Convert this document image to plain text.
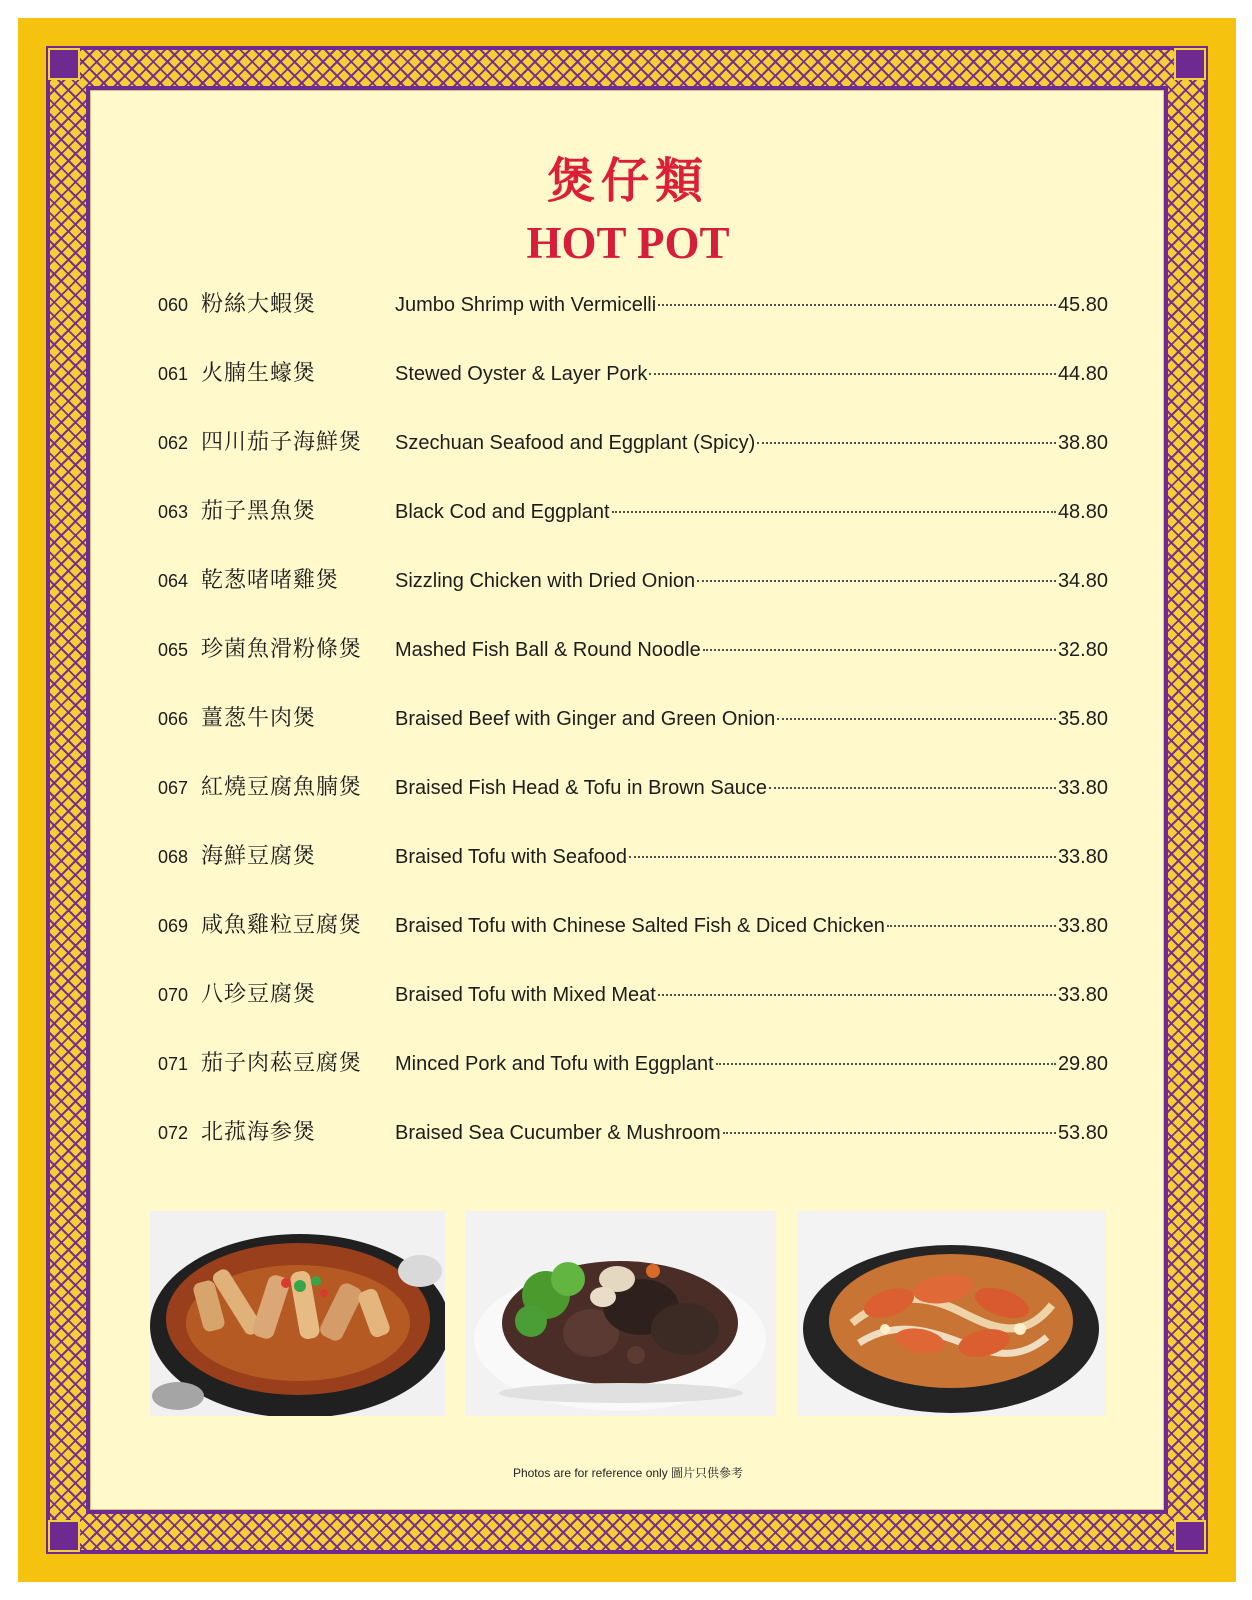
煲仔類
HOT POT
060 粉絲大蝦煲	Jumbo Shrimp with Vermicelli	45.80
061 火腩生蠔煲	Stewed Oyster & Layer Pork	44.80
062 四川茄子海鮮煲	Szechuan Seafood and Eggplant (Spicy)	38.80
063 茄子黑魚煲	Black Cod and Eggplant	48.80
064 乾葱啫啫雞煲	Sizzling Chicken with Dried Onion	34.80
065 珍菌魚滑粉條煲	Mashed Fish Ball & Round Noodle	32.80
066 薑葱牛肉煲	Braised Beef with Ginger and Green Onion	35.80
067 紅燒豆腐魚腩煲	Braised Fish Head & Tofu in Brown Sauce	33.80
068 海鮮豆腐煲	Braised Tofu with Seafood	33.80
069 咸魚雞粒豆腐煲	Braised Tofu with Chinese Salted Fish & Diced Chicken	33.80
070 八珍豆腐煲	Braised Tofu with Mixed Meat	33.80
071 茄子肉菘豆腐煲	Minced Pork and Tofu with Eggplant	29.80
072 北菰海参煲	Braised Sea Cucumber & Mushroom	53.80
Photos are for reference only 圖片只供參考
